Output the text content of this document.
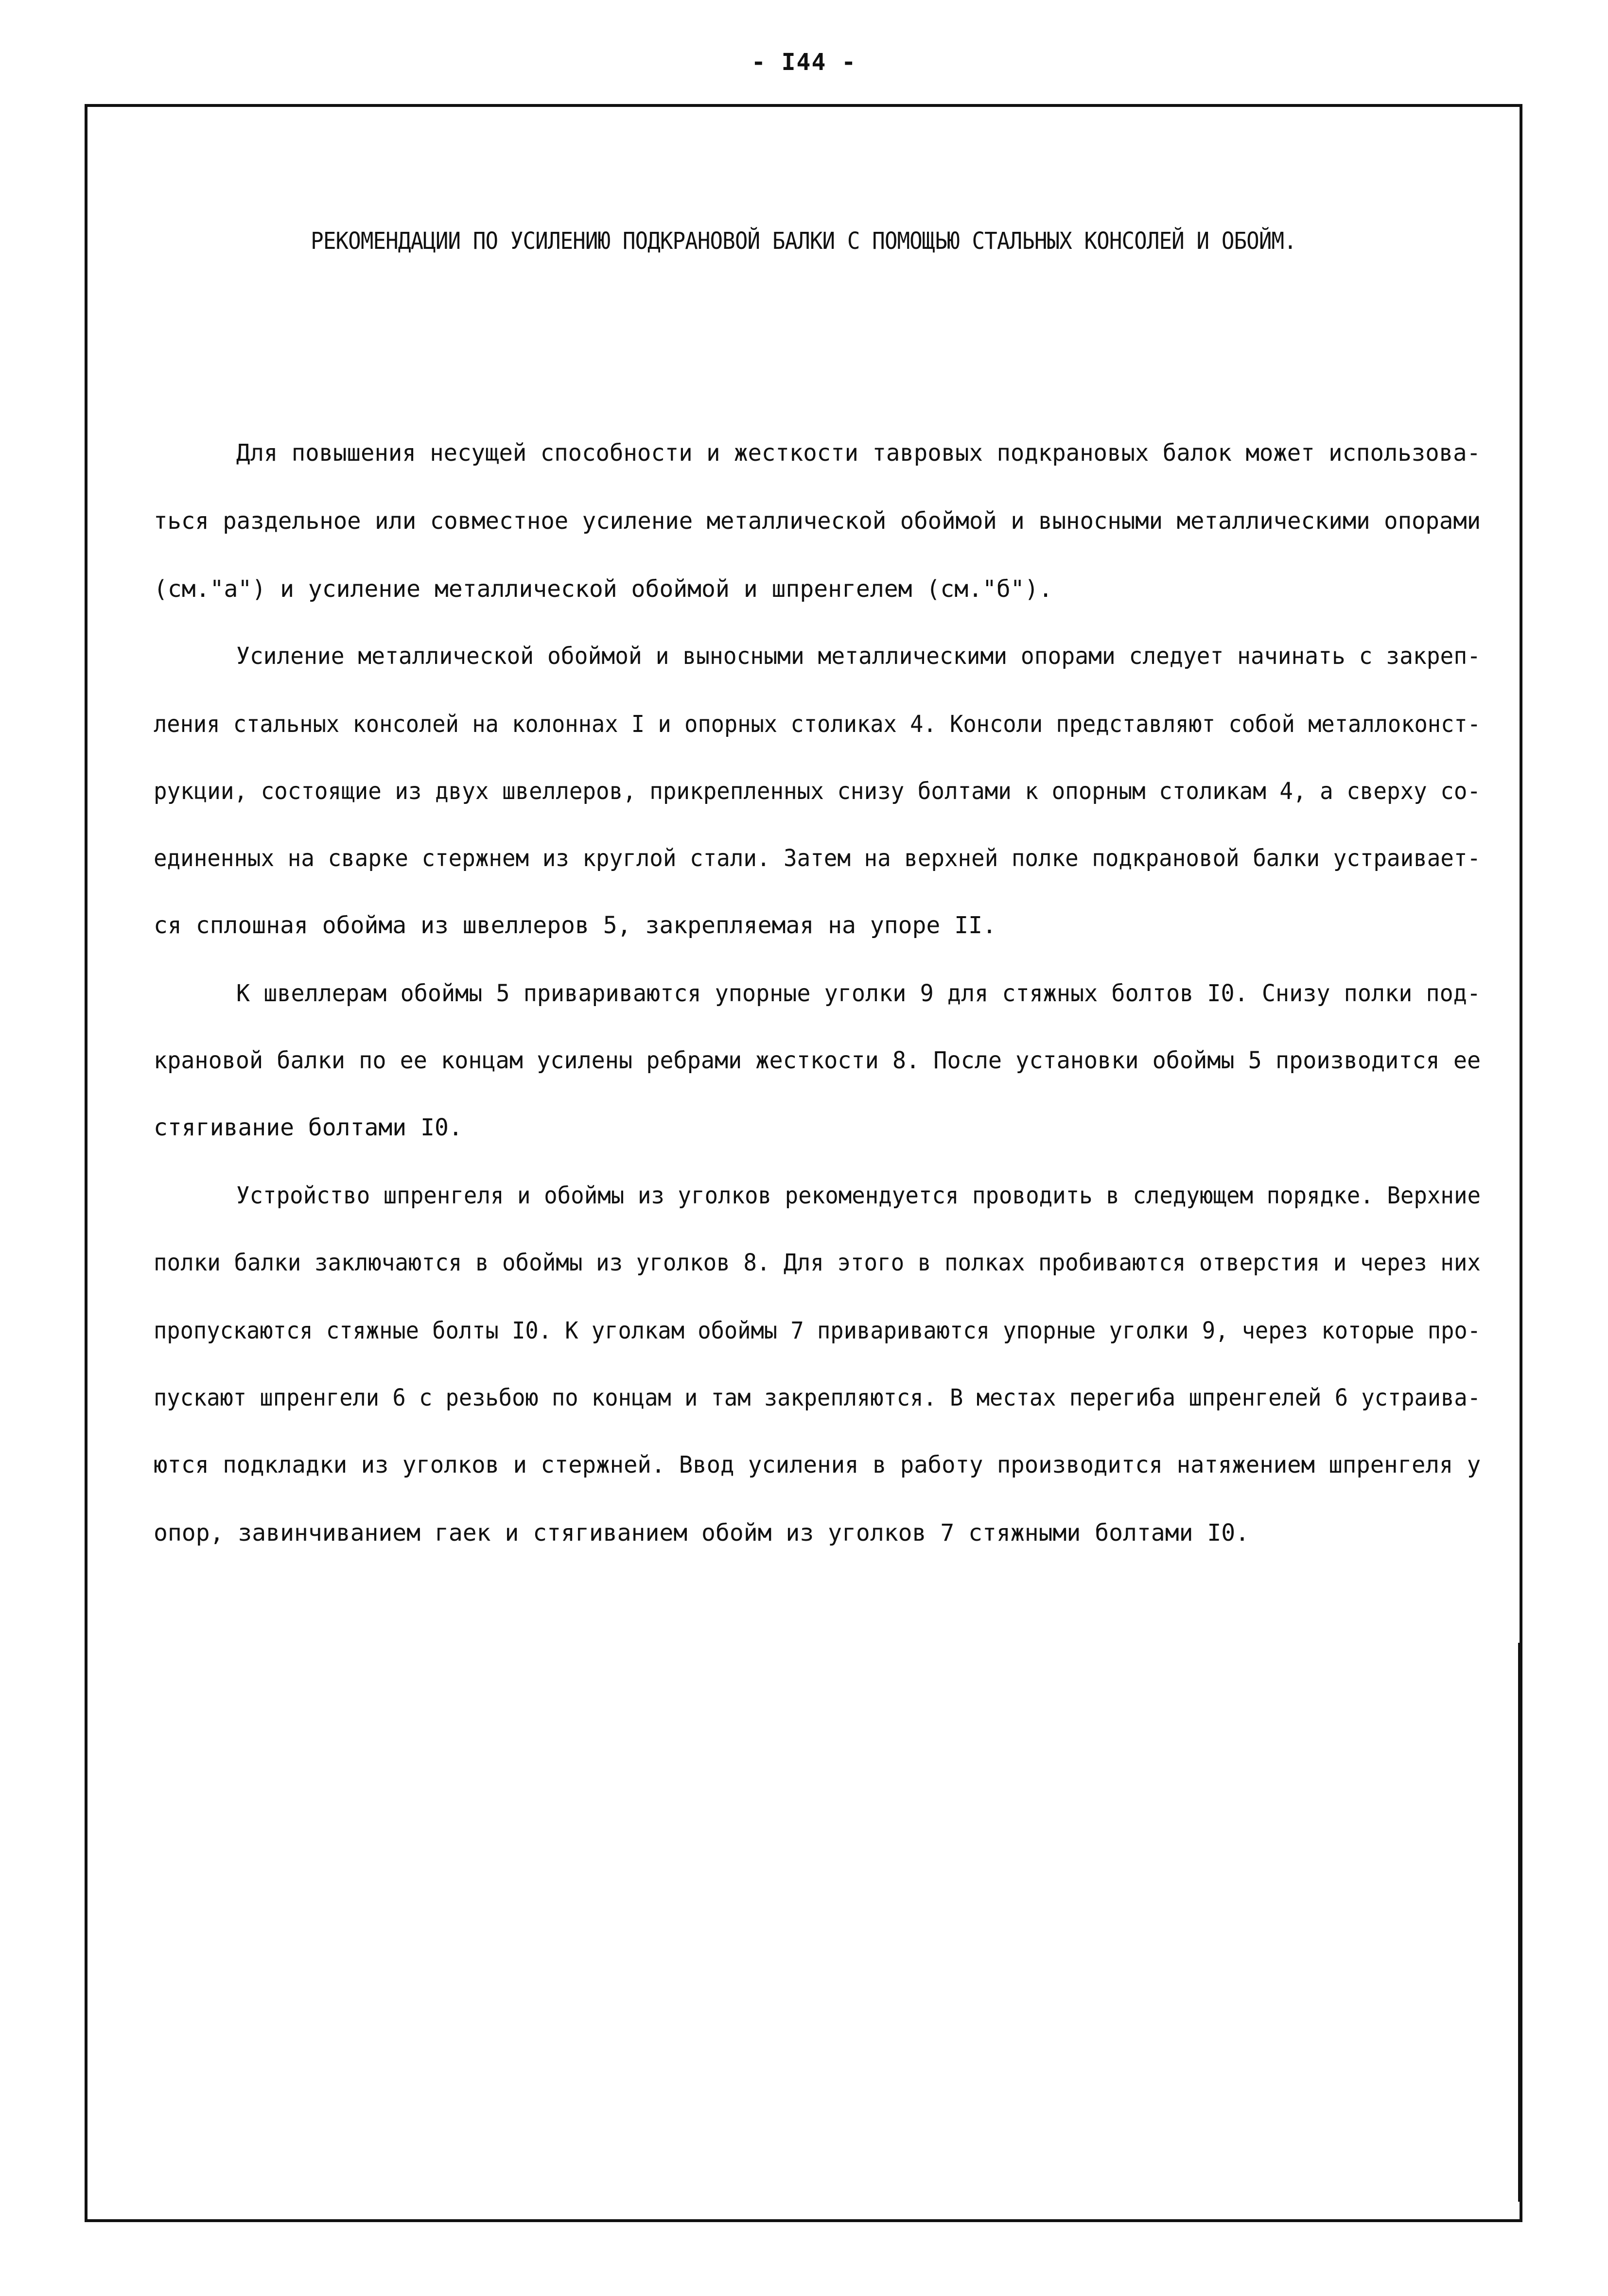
- I44 -
РЕКОМЕНДАЦИИ ПО УСИЛЕНИЮ ПОДКРАНОВОЙ БАЛКИ С ПОМОЩЬЮ СТАЛЬНЫХ КОНСОЛЕЙ И ОБОЙМ.
Для повышения несущей способности и жесткости тавровых подкрановых балок может использова-
ться раздельное или совместное усиление металлической обоймой и выносными металлическими опорами
(см."а") и усиление металлической обоймой и шпренгелем (см."б").
Усиление металлической обоймой и выносными металлическими опорами следует начинать с закреп-
ления стальных консолей на колоннах I и опорных столиках 4. Консоли представляют собой металлоконст-
рукции, состоящие из двух швеллеров, прикрепленных снизу болтами к опорным столикам 4, а сверху со-
единенных на сварке стержнем из круглой стали. Затем на верхней полке подкрановой балки устраивает-
ся сплошная обойма из швеллеров 5, закрепляемая на упоре II.
К швеллерам обоймы 5 привариваются упорные уголки 9 для стяжных болтов I0. Снизу полки под-
крановой балки по ее концам усилены ребрами жесткости 8. После установки обоймы 5 производится ее
стягивание болтами I0.
Устройство шпренгеля и обоймы из уголков рекомендуется проводить в следующем порядке. Верхние
полки балки заключаются в обоймы из уголков 8. Для этого в полках пробиваются отверстия и через них
пропускаются стяжные болты I0. К уголкам обоймы 7 привариваются упорные уголки 9, через которые про-
пускают шпренгели 6 с резьбою по концам и там закрепляются. В местах перегиба шпренгелей 6 устраива-
ются подкладки из уголков и стержней. Ввод усиления в работу производится натяжением шпренгеля у
опор, завинчиванием гаек и стягиванием обойм из уголков 7 стяжными болтами I0.
